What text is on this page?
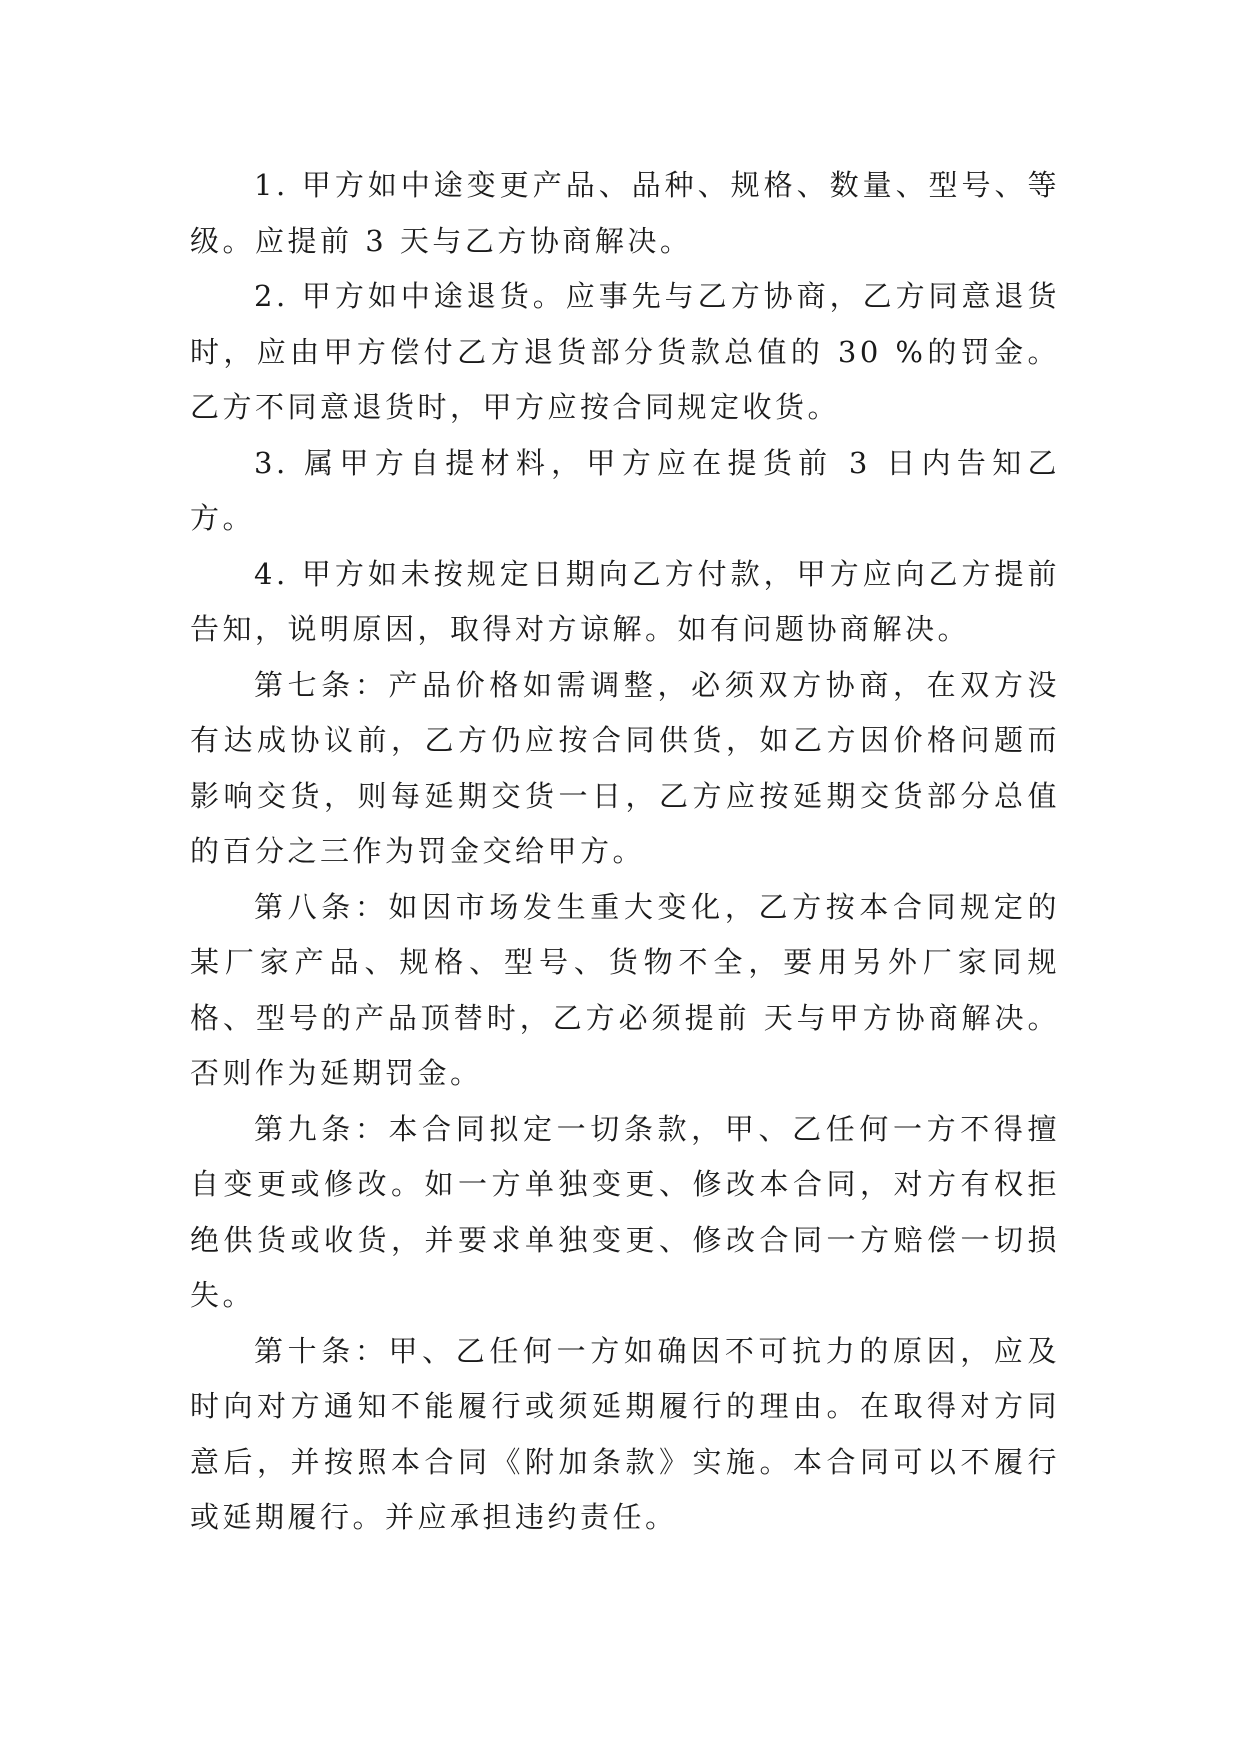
1. 甲方如中途变更产品、品种、规格、数量、型号、等级。应提前 3 天与乙方协商解决。

2. 甲方如中途退货。应事先与乙方协商，乙方同意退货时，应由甲方偿付乙方退货部分货款总值的 30 %的罚金。乙方不同意退货时，甲方应按合同规定收货。

3. 属甲方自提材料，甲方应在提货前 3 日内告知乙方。

4. 甲方如未按规定日期向乙方付款，甲方应向乙方提前告知，说明原因，取得对方谅解。如有问题协商解决。

第七条：产品价格如需调整，必须双方协商，在双方没有达成协议前，乙方仍应按合同供货，如乙方因价格问题而影响交货，则每延期交货一日，乙方应按延期交货部分总值的百分之三作为罚金交给甲方。

第八条：如因市场发生重大变化，乙方按本合同规定的某厂家产品、规格、型号、货物不全，要用另外厂家同规格、型号的产品顶替时，乙方必须提前 天与甲方协商解决。否则作为延期罚金。

第九条：本合同拟定一切条款，甲、乙任何一方不得擅自变更或修改。如一方单独变更、修改本合同，对方有权拒绝供货或收货，并要求单独变更、修改合同一方赔偿一切损失。

第十条：甲、乙任何一方如确因不可抗力的原因，应及时向对方通知不能履行或须延期履行的理由。在取得对方同意后，并按照本合同《附加条款》实施。本合同可以不履行或延期履行。并应承担违约责任。
